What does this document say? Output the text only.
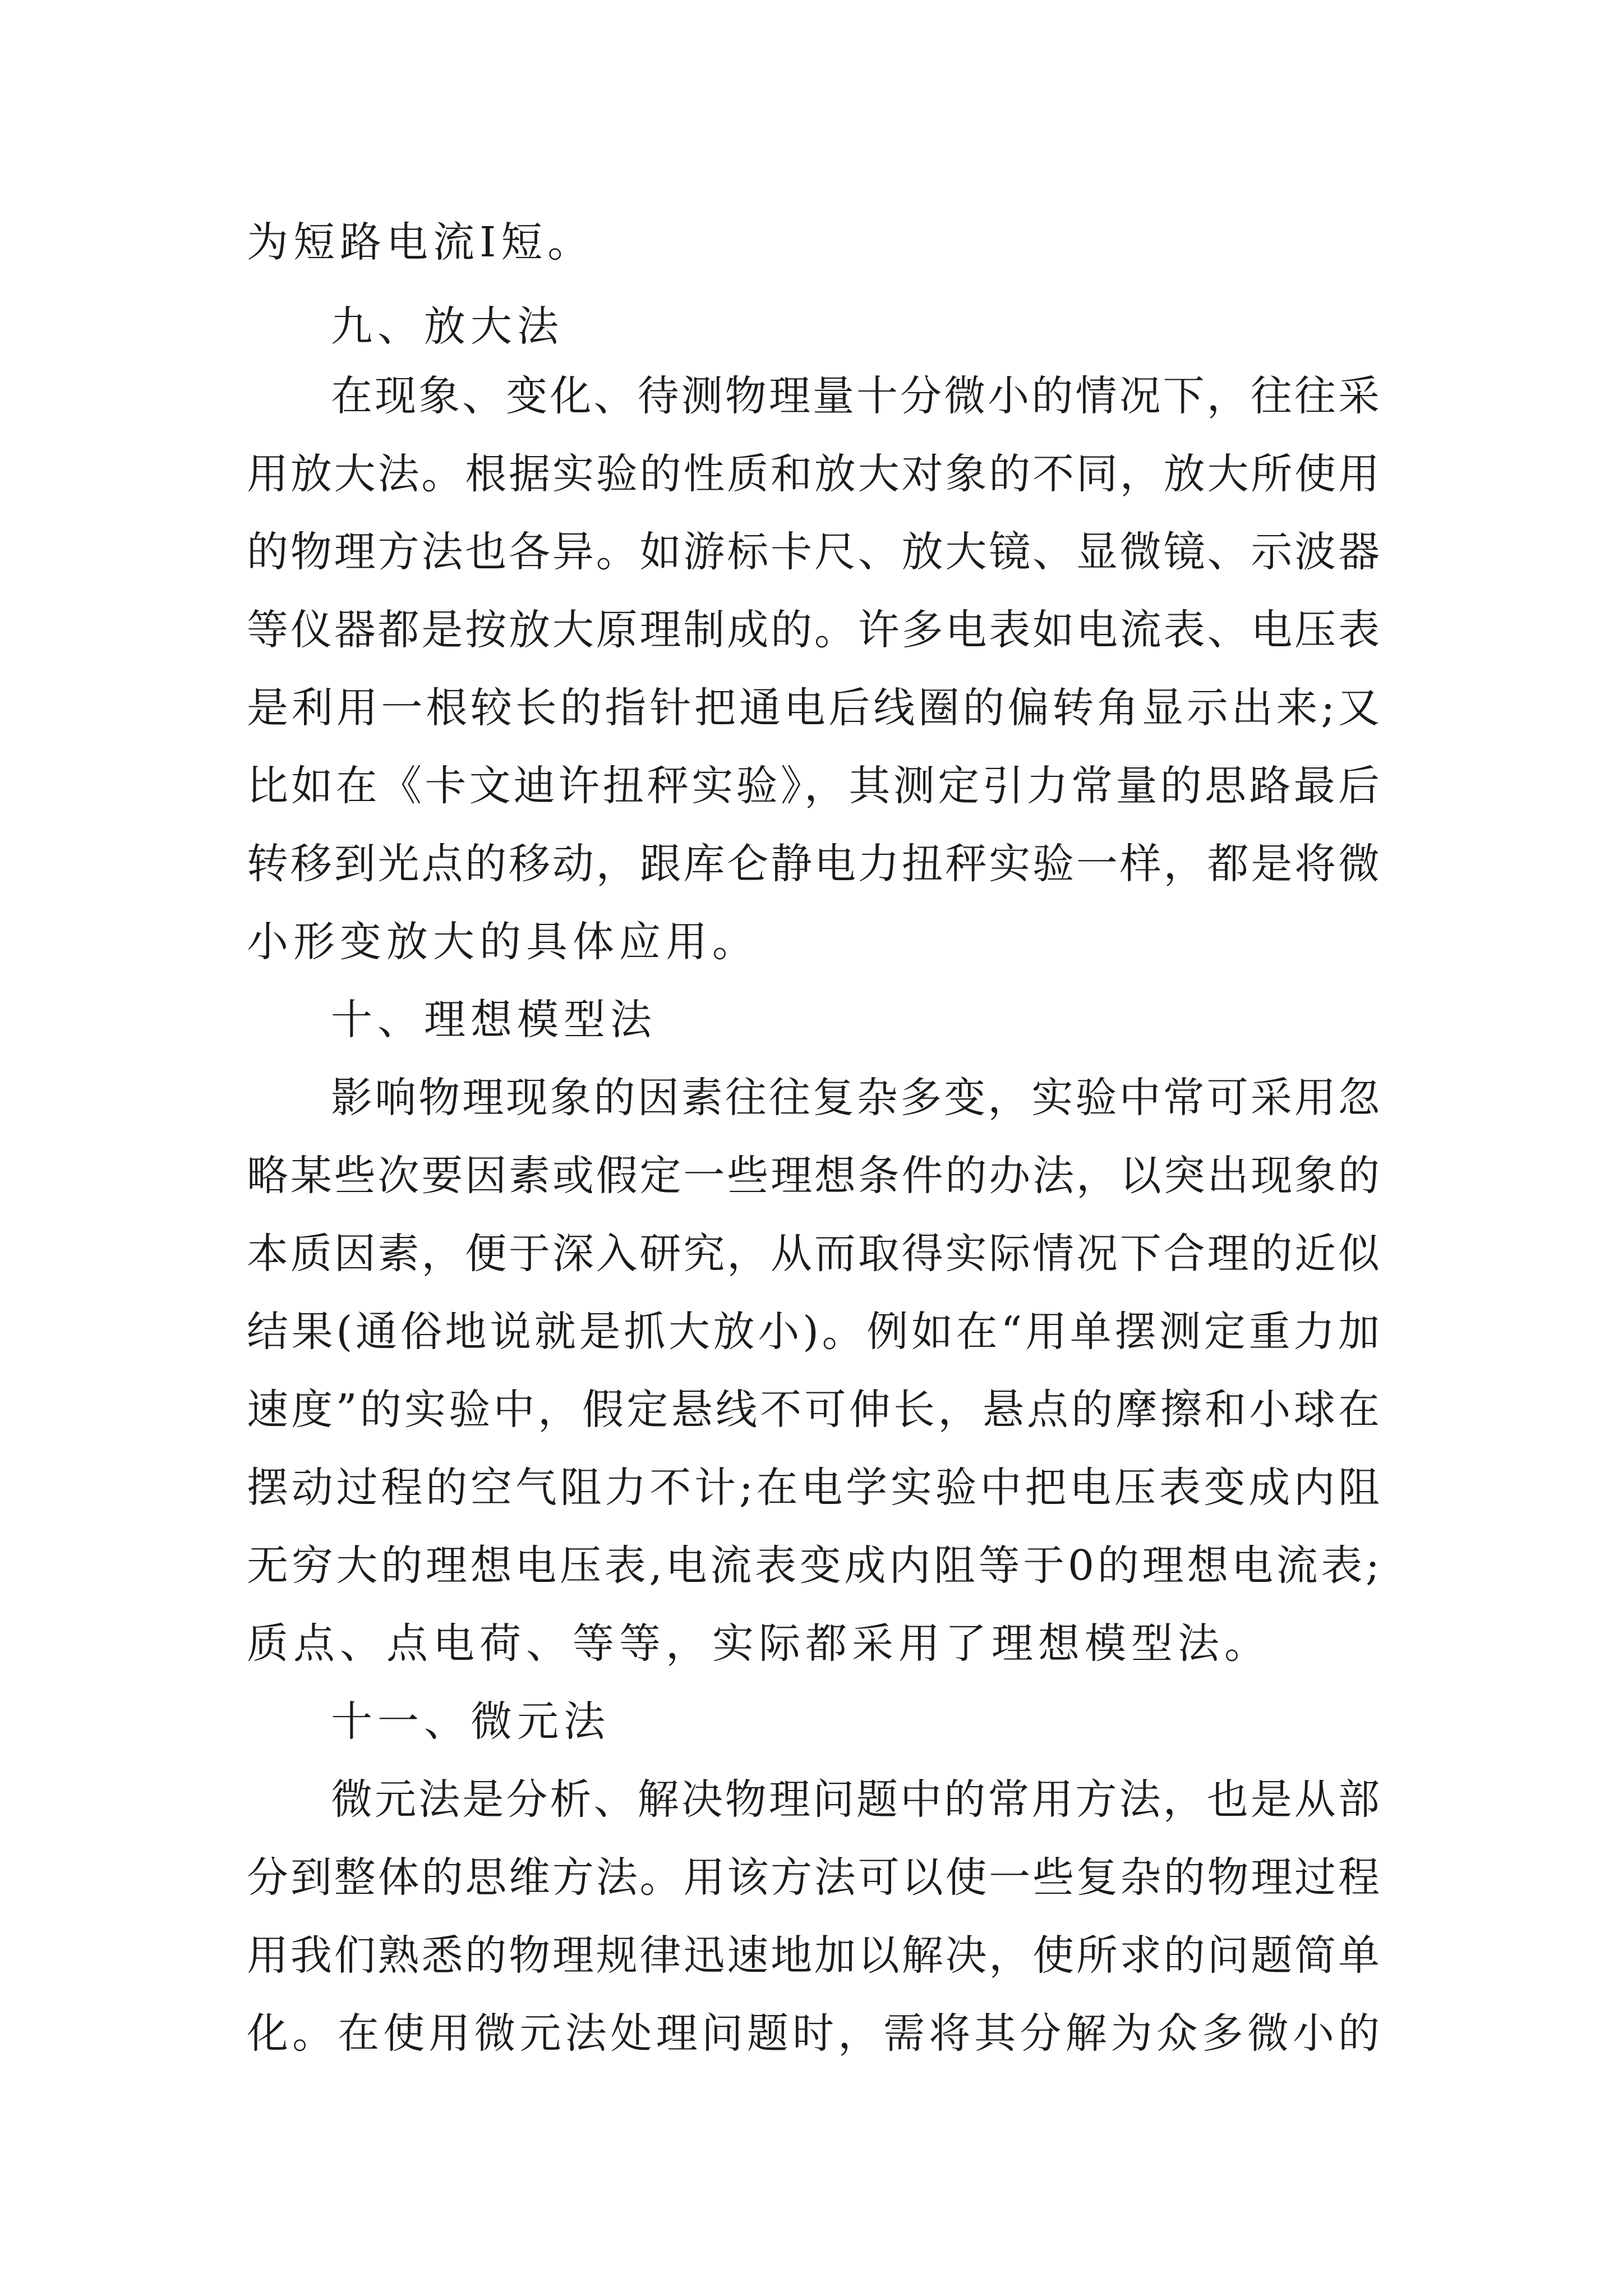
为短路电流Ⅰ短。
九、放大法
在现象、变化、待测物理量十分微小的情况下，往往采
用放大法。根据实验的性质和放大对象的不同，放大所使用
的物理方法也各异。如游标卡尺、放大镜、显微镜、示波器
等仪器都是按放大原理制成的。许多电表如电流表、电压表
是利用一根较长的指针把通电后线圈的偏转角显示出来;又
比如在《卡文迪许扭秤实验》，其测定引力常量的思路最后
转移到光点的移动，跟库仑静电力扭秤实验一样，都是将微
小形变放大的具体应用。
十、理想模型法
影响物理现象的因素往往复杂多变，实验中常可采用忽
略某些次要因素或假定一些理想条件的办法，以突出现象的
本质因素，便于深入研究，从而取得实际情况下合理的近似
结果(通俗地说就是抓大放小)。例如在“用单摆测定重力加
速度”的实验中，假定悬线不可伸长，悬点的摩擦和小球在
摆动过程的空气阻力不计;在电学实验中把电压表变成内阻
无穷大的理想电压表,电流表变成内阻等于0的理想电流表;
质点、点电荷、等等，实际都采用了理想模型法。
十一、微元法
微元法是分析、解决物理问题中的常用方法，也是从部
分到整体的思维方法。用该方法可以使一些复杂的物理过程
用我们熟悉的物理规律迅速地加以解决，使所求的问题简单
化。在使用微元法处理问题时，需将其分解为众多微小的
